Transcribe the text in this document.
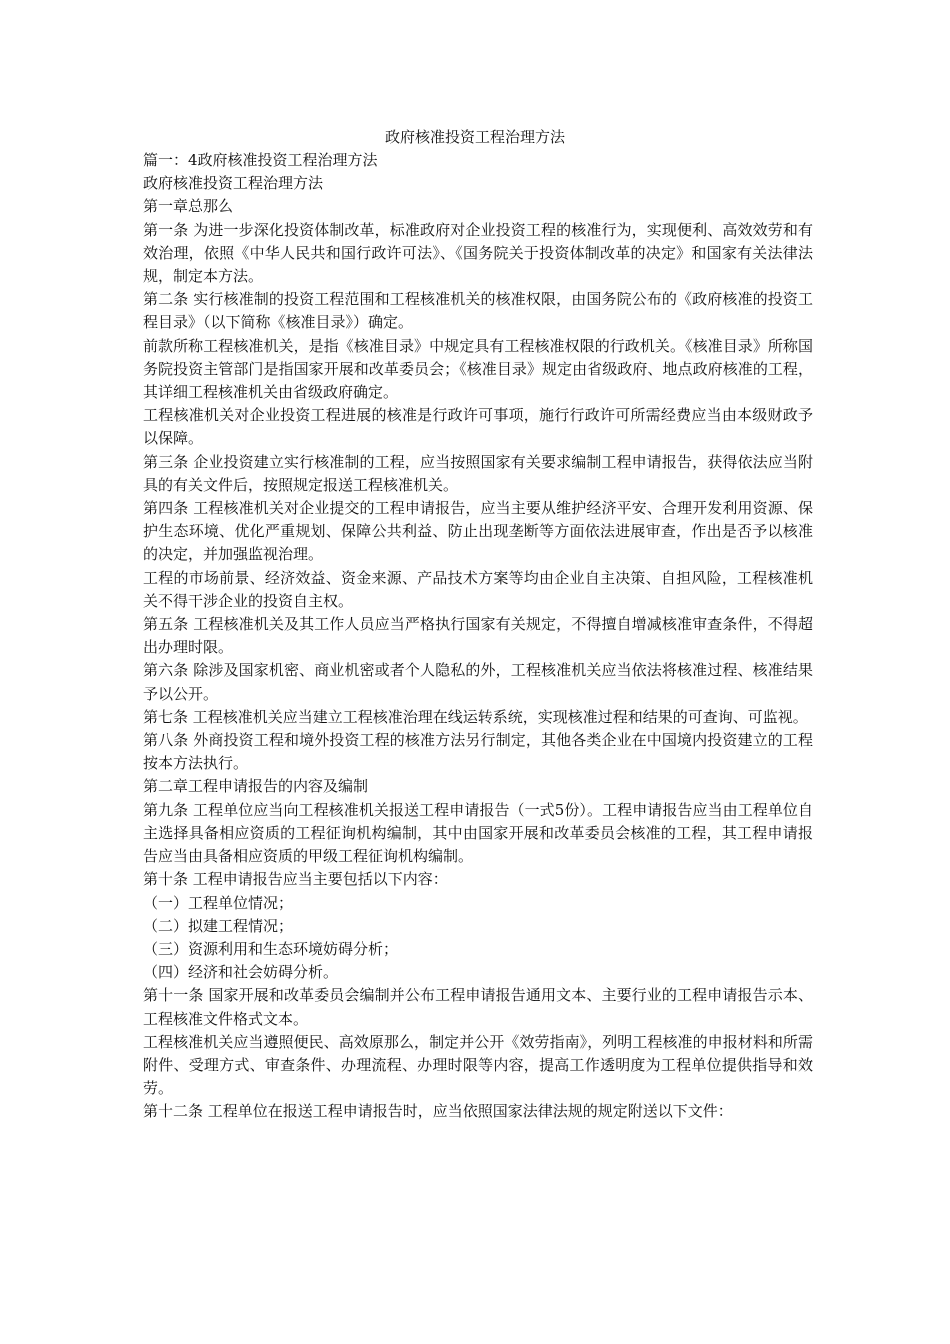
政府核准投资工程治理方法

篇一：4政府核准投资工程治理方法

政府核准投资工程治理方法

第一章总那么

第一条 为进一步深化投资体制改革，标准政府对企业投资工程的核准行为，实现便利、高效效劳和有效治理，依照《中华人民共和国行政许可法》、《国务院关于投资体制改革的决定》和国家有关法律法规，制定本方法。

第二条 实行核准制的投资工程范围和工程核准机关的核准权限，由国务院公布的《政府核准的投资工程目录》（以下简称《核准目录》）确定。

前款所称工程核准机关，是指《核准目录》中规定具有工程核准权限的行政机关。《核准目录》所称国务院投资主管部门是指国家开展和改革委员会；《核准目录》规定由省级政府、地点政府核准的工程，其详细工程核准机关由省级政府确定。

工程核准机关对企业投资工程进展的核准是行政许可事项，施行行政许可所需经费应当由本级财政予以保障。

第三条 企业投资建立实行核准制的工程，应当按照国家有关要求编制工程申请报告，获得依法应当附具的有关文件后，按照规定报送工程核准机关。

第四条 工程核准机关对企业提交的工程申请报告，应当主要从维护经济平安、合理开发利用资源、保护生态环境、优化严重规划、保障公共利益、防止出现垄断等方面依法进展审查，作出是否予以核准的决定，并加强监视治理。

工程的市场前景、经济效益、资金来源、产品技术方案等均由企业自主决策、自担风险，工程核准机关不得干涉企业的投资自主权。

第五条 工程核准机关及其工作人员应当严格执行国家有关规定，不得擅自增减核准审查条件，不得超出办理时限。

第六条 除涉及国家机密、商业机密或者个人隐私的外，工程核准机关应当依法将核准过程、核准结果予以公开。

第七条 工程核准机关应当建立工程核准治理在线运转系统，实现核准过程和结果的可查询、可监视。

第八条 外商投资工程和境外投资工程的核准方法另行制定，其他各类企业在中国境内投资建立的工程按本方法执行。

第二章工程申请报告的内容及编制

第九条 工程单位应当向工程核准机关报送工程申请报告（一式5份）。工程申请报告应当由工程单位自主选择具备相应资质的工程征询机构编制，其中由国家开展和改革委员会核准的工程，其工程申请报告应当由具备相应资质的甲级工程征询机构编制。

第十条 工程申请报告应当主要包括以下内容：

（一）工程单位情况；

（二）拟建工程情况；

（三）资源利用和生态环境妨碍分析；

（四）经济和社会妨碍分析。

第十一条 国家开展和改革委员会编制并公布工程申请报告通用文本、主要行业的工程申请报告示本、工程核准文件格式文本。

工程核准机关应当遵照便民、高效原那么，制定并公开《效劳指南》，列明工程核准的申报材料和所需附件、受理方式、审查条件、办理流程、办理时限等内容，提高工作透明度为工程单位提供指导和效劳。

第十二条 工程单位在报送工程申请报告时，应当依照国家法律法规的规定附送以下文件：
